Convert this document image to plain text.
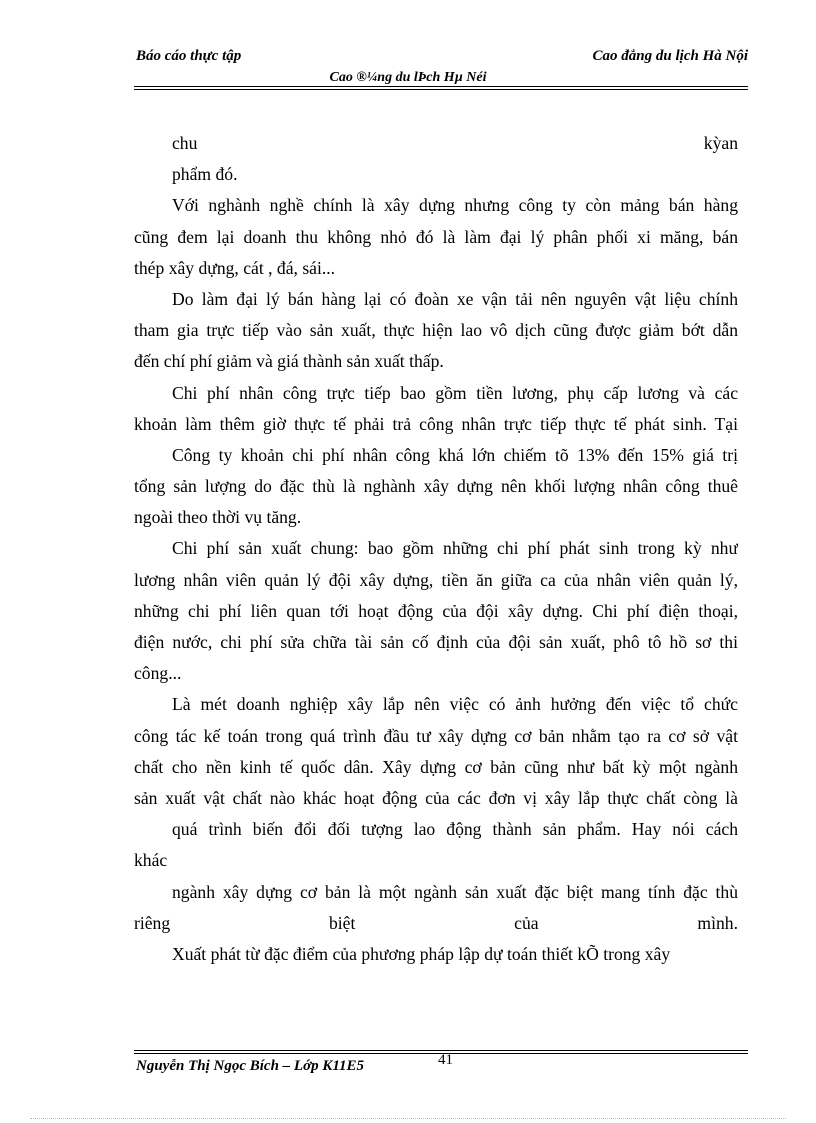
Báo cáo thực tập	Cao đẳng du lịch Hà Nội
Cao ®¼ng du lÞch Hµ Néi
chu kỳan
phẩm đó.
Với nghành nghề chính là xây dựng nhưng công ty còn mảng bán hàng
cũng đem lại doanh thu không nhỏ đó là làm đại lý phân phối xi măng, bán
thép xây dựng, cát , đá, sái...
Do làm đại lý bán hàng lại có đoàn xe vận tải nên nguyên vật liệu chính
tham gia trực tiếp vào sản xuất, thực hiện lao vô dịch cũng được giảm bớt dẫn
đến chí phí giảm và giá thành sản xuất thấp.
Chi phí nhân công trực tiếp bao gồm tiền lương, phụ cấp lương và các
khoản làm thêm giờ thực tế phải trả công nhân trực tiếp thực tế phát sinh. Tại
Công ty khoản chi phí nhân công khá lớn chiếm tõ 13% đến 15% giá trị
tổng sản lượng do đặc thù là nghành xây dựng nên khối lượng nhân công thuê
ngoài theo thời vụ tăng.
Chi phí sản xuất chung: bao gồm những chi phí phát sinh trong kỳ như
lương nhân viên quản lý đội xây dựng, tiền ăn giữa ca của nhân viên quản lý,
những chi phí liên quan tới hoạt động của đội xây dựng. Chi phí điện thoại,
điện nước, chi phí sửa chữa tài sản cố định của đội sản xuất, phô tô hồ sơ thi
công...
Là mét doanh nghiệp xây lắp nên việc có ảnh hưởng đến việc tổ chức
công tác kế toán trong quá trình đầu tư xây dựng cơ bản nhằm tạo ra cơ sở vật
chất cho nền kinh tế quốc dân. Xây dựng cơ bản cũng như bất kỳ một ngành
sản xuất vật chất nào khác hoạt động của các đơn vị xây lắp thực chất còng là
quá trình biến đổi đối tượng lao động thành sản phẩm. Hay nói cách
khác
ngành xây dựng cơ bản là một ngành sản xuất đặc biệt mang tính đặc thù
riêng biệt của mình.
Xuất phát từ đặc điểm của phương pháp lập dự toán thiết kÕ trong xây
Nguyễn Thị Ngọc Bích – Lớp K11E5	41
